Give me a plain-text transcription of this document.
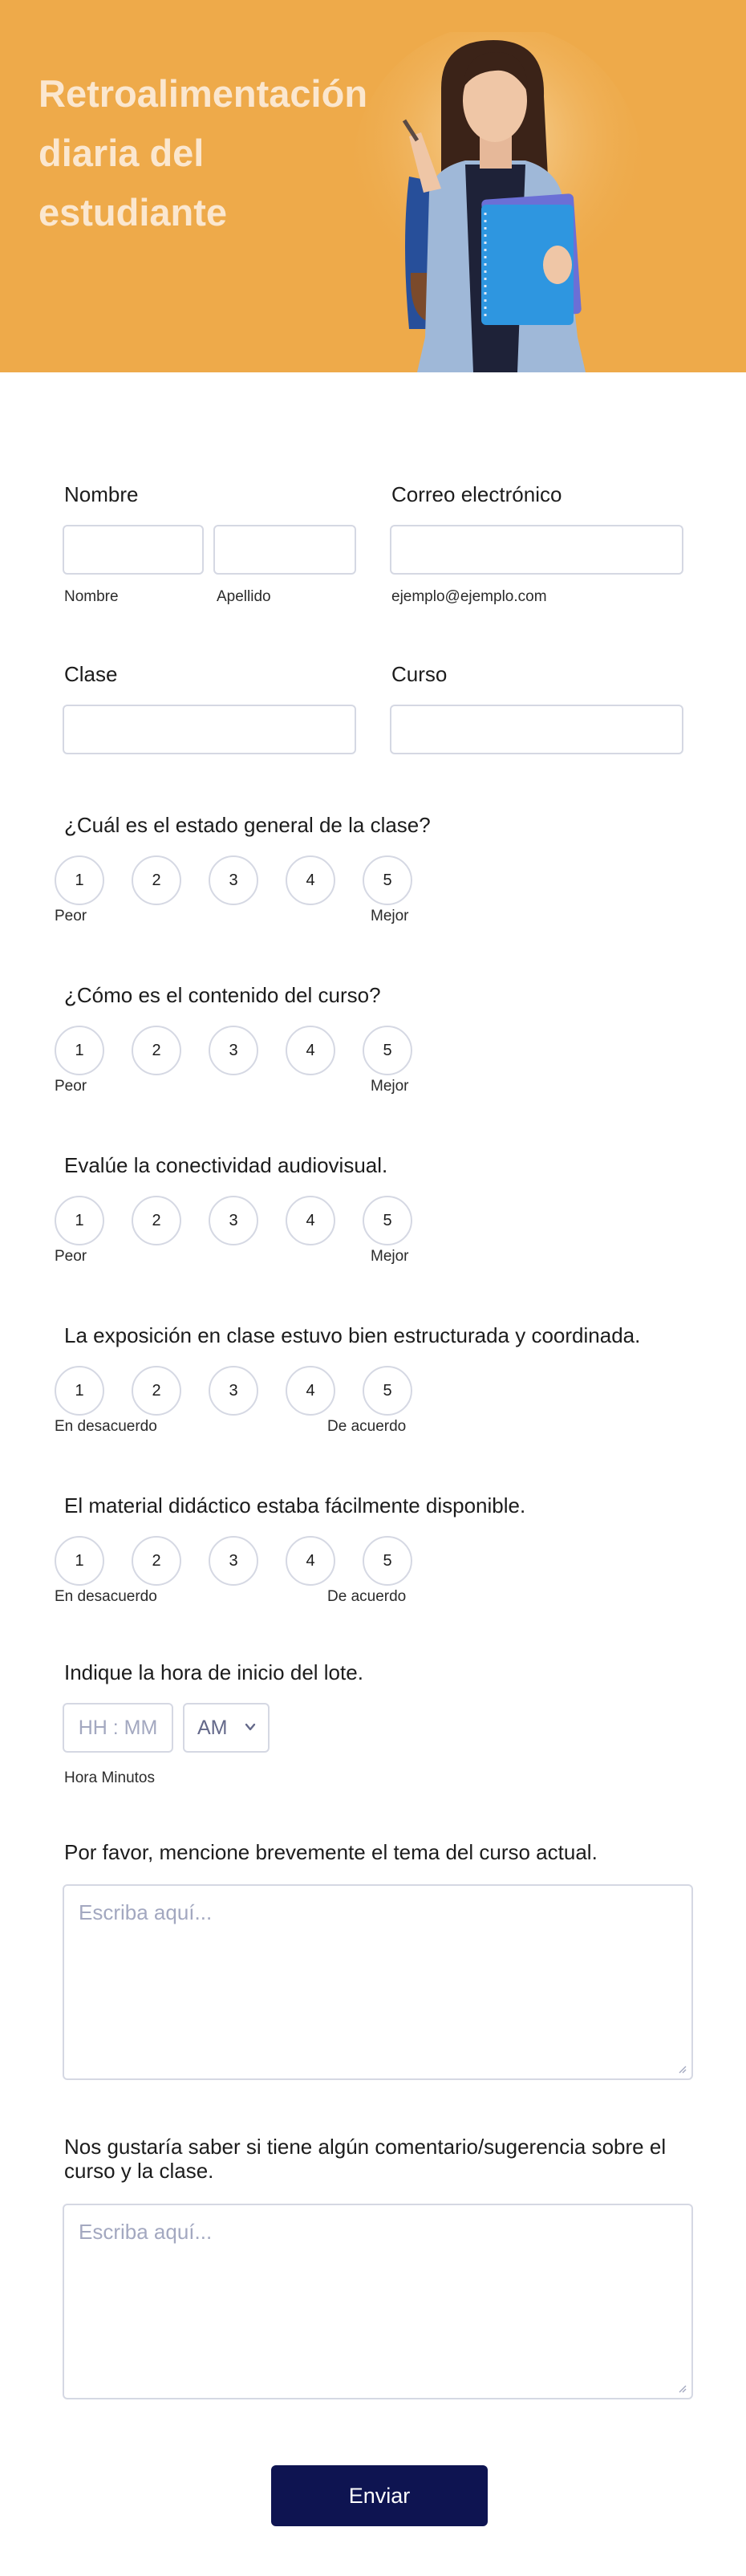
Retroalimentación diaria del estudiante
Nombre
Nombre	Apellido
Correo electrónico
ejemplo@ejemplo.com
Clase	Curso
¿Cuál es el estado general de la clase?
1	2	3	4	5
Peor	Mejor
¿Cómo es el contenido del curso?
1	2	3	4	5
Peor	Mejor
Evalúe la conectividad audiovisual.
1	2	3	4	5
Peor	Mejor
La exposición en clase estuvo bien estructurada y coordinada.
1	2	3	4	5
En desacuerdo	De acuerdo
El material didáctico estaba fácilmente disponible.
1	2	3	4	5
En desacuerdo	De acuerdo
Indique la hora de inicio del lote.
HH : MM	AM
Hora Minutos
Por favor, mencione brevemente el tema del curso actual.
Escriba aquí...
Nos gustaría saber si tiene algún comentario/sugerencia sobre el curso y la clase.
Escriba aquí...
Enviar
